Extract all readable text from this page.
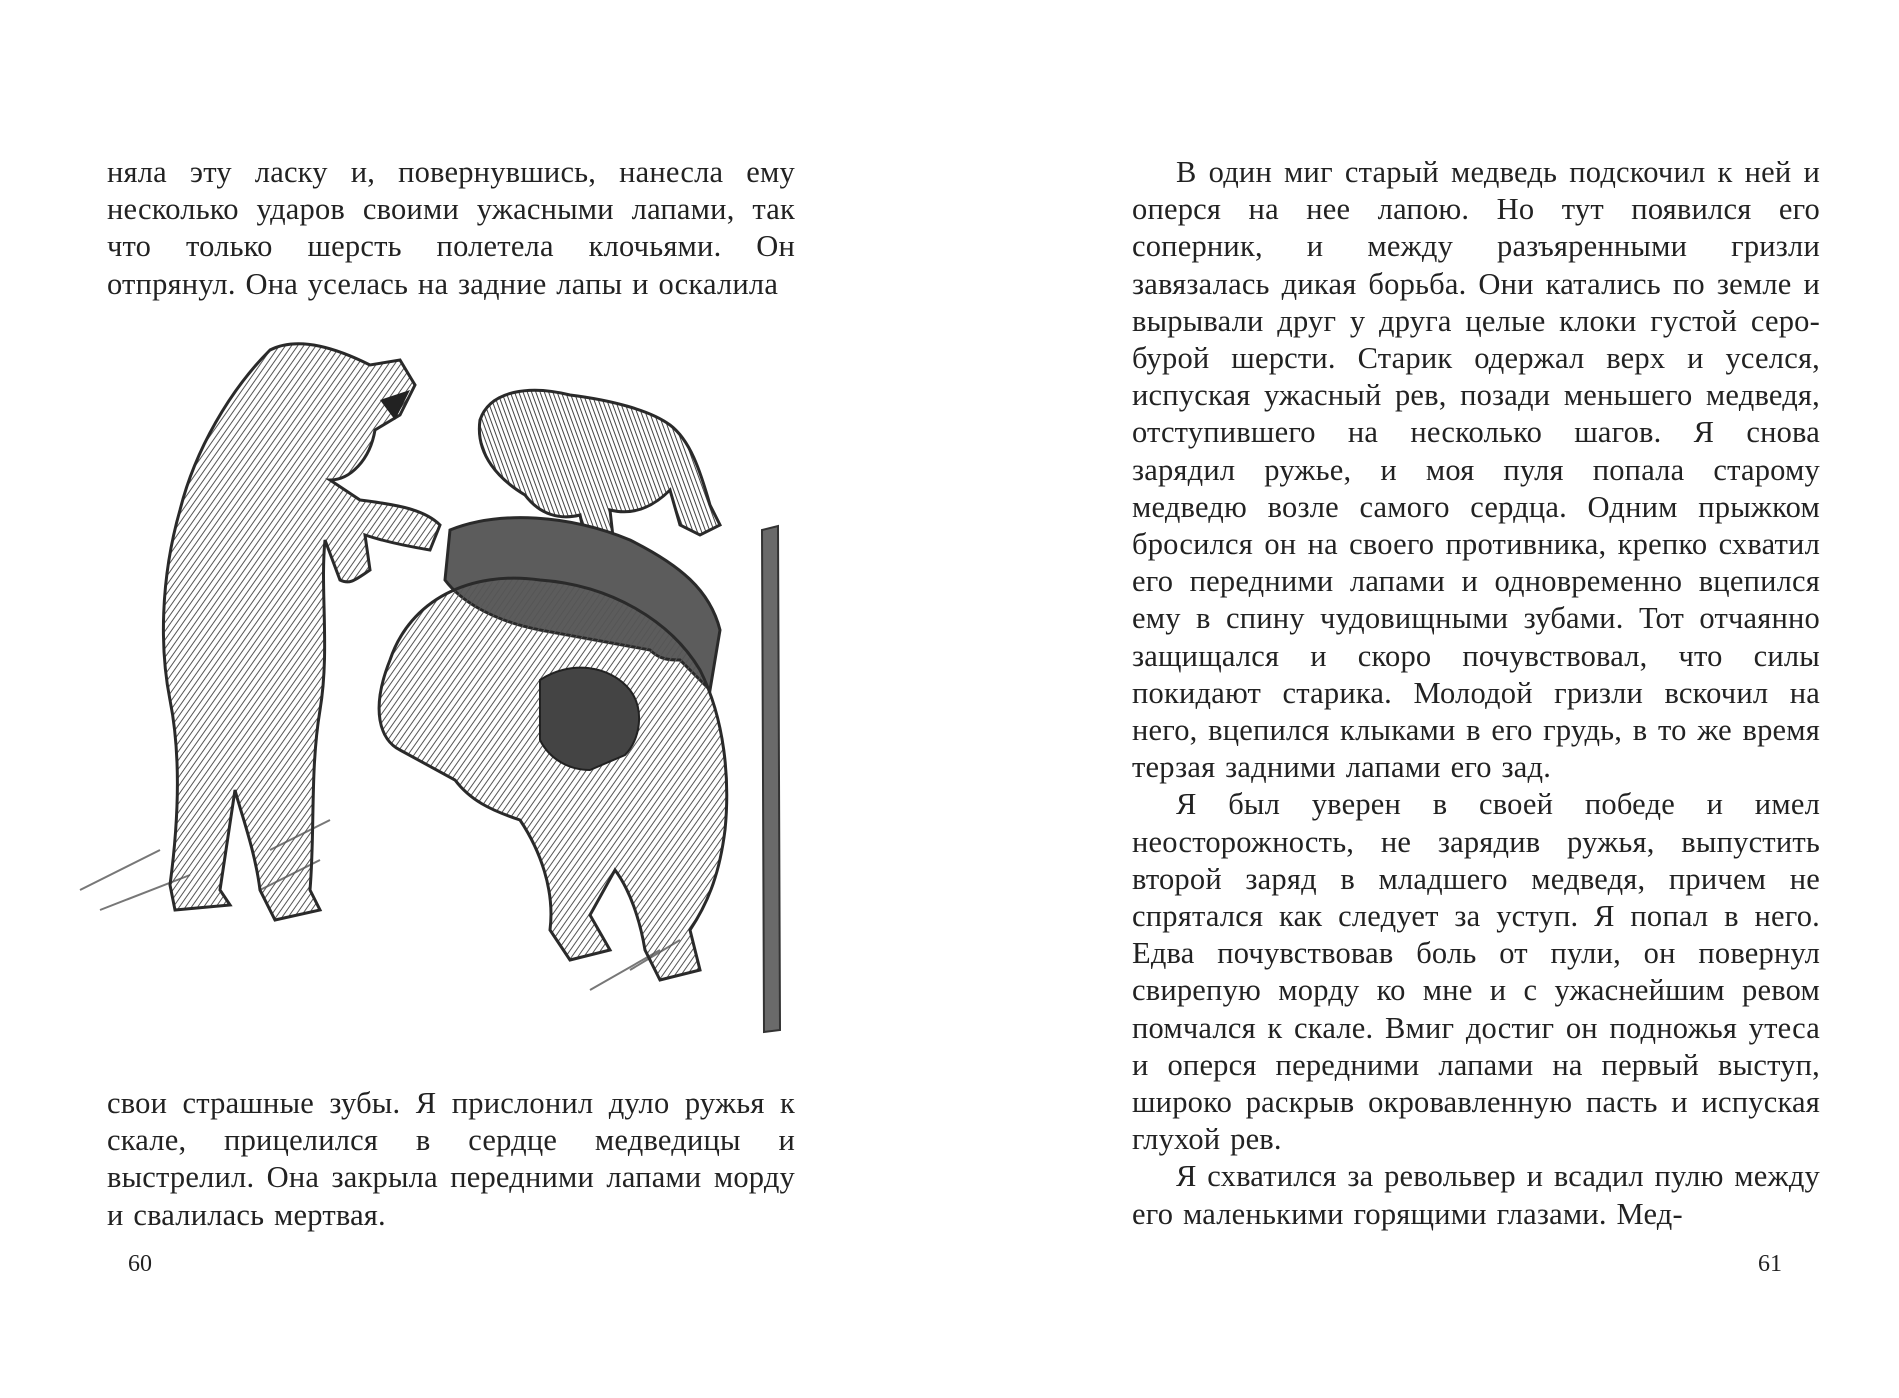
няла эту ласку и, повернувшись, нанесла ему несколько ударов своими ужасными лапами, так что только шерсть полетела клочьями. Он отпрянул. Она уселась на задние лапы и оскалила

свои страшные зубы. Я прислонил дуло ружья к скале, прицелился в сердце медведицы и выстрелил. Она закрыла передними лапами морду и свалилась мертвая.

60

В один миг старый медведь подскочил к ней и оперся на нее лапою. Но тут появился его соперник, и между разъяренными гризли завязалась дикая борьба. Они катались по земле и вырывали друг у друга целые клоки густой серо-бурой шерсти. Старик одержал верх и уселся, испуская ужасный рев, позади меньшего медведя, отступившего на несколько шагов. Я снова зарядил ружье, и моя пуля попала старому медведю возле самого сердца. Одним прыжком бросился он на своего противника, крепко схватил его передними лапами и одновременно вцепился ему в спину чудовищными зубами. Тот отчаянно защищался и скоро почувствовал, что силы покидают старика. Молодой гризли вскочил на него, вцепился клыками в его грудь, в то же время терзая задними лапами его зад.

Я был уверен в своей победе и имел неосторожность, не зарядив ружья, выпустить второй заряд в младшего медведя, причем не спрятался как следует за уступ. Я попал в него. Едва почувствовав боль от пули, он повернул свирепую морду ко мне и с ужаснейшим ревом помчался к скале. Вмиг достиг он подножья утеса и оперся передними лапами на первый выступ, широко раскрыв окровавленную пасть и испуская глухой рев.

Я схватился за револьвер и всадил пулю между его маленькими горящими глазами. Мед-

61
